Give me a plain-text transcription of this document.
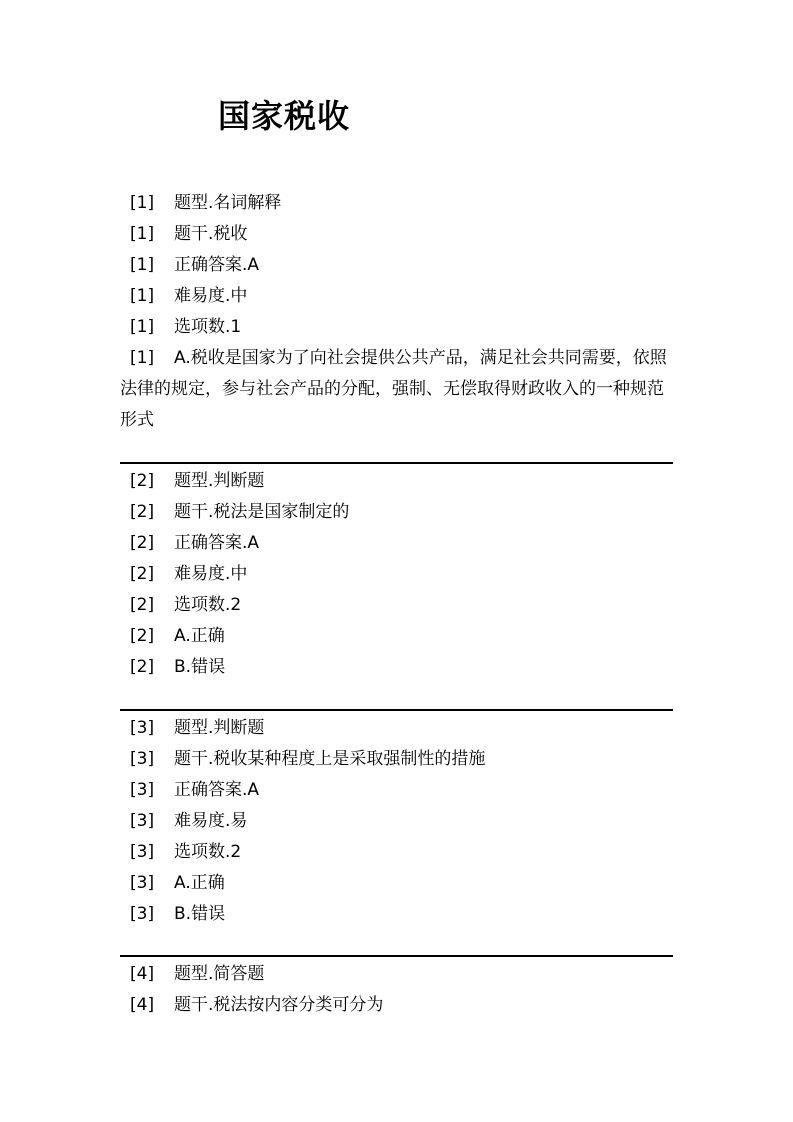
国家税收
[1] 题型.名词解释
[1] 题干.税收
[1] 正确答案.A
[1] 难易度.中
[1] 选项数.1
[1] A.税收是国家为了向社会提供公共产品，满足社会共同需要，依照法律的规定，参与社会产品的分配，强制、无偿取得财政收入的一种规范形式
[2] 题型.判断题
[2] 题干.税法是国家制定的
[2] 正确答案.A
[2] 难易度.中
[2] 选项数.2
[2] A.正确
[2] B.错误
[3] 题型.判断题
[3] 题干.税收某种程度上是采取强制性的措施
[3] 正确答案.A
[3] 难易度.易
[3] 选项数.2
[3] A.正确
[3] B.错误
[4] 题型.简答题
[4] 题干.税法按内容分类可分为
